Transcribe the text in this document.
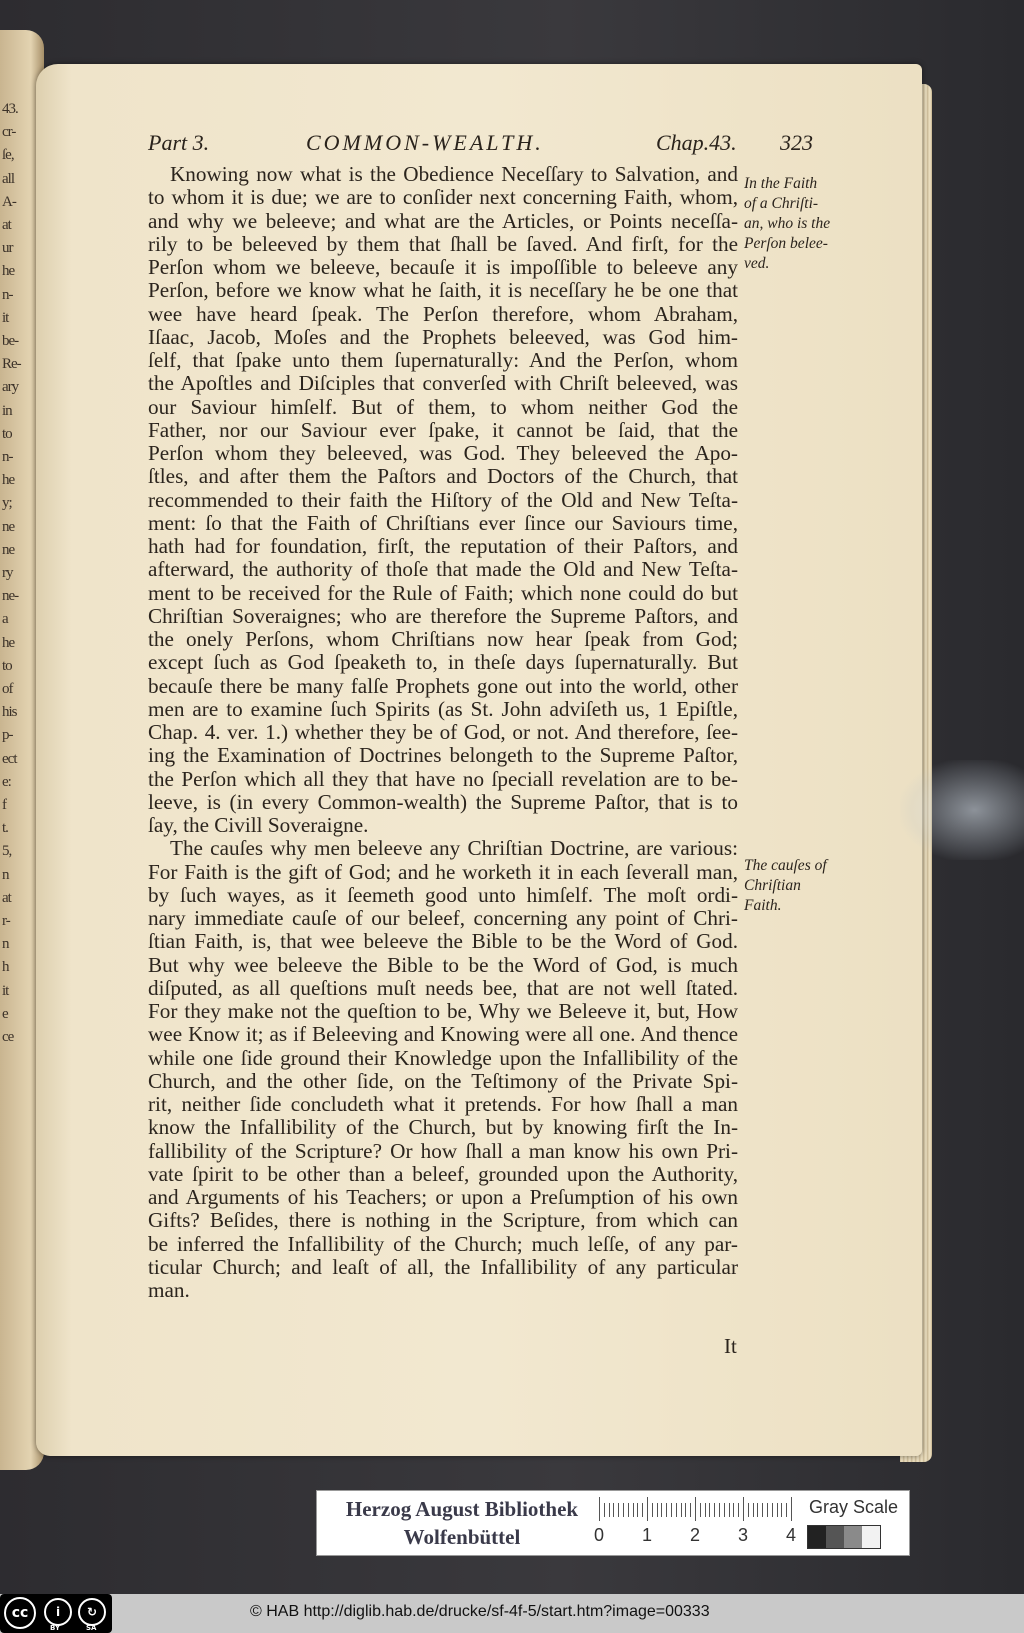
43.
cr-
ſe,
all
A-
at
ur
he
n-
it
be-
Re-
ary
in
to
n-
he
y;
ne
ne
ry
ne-
a
he
to
of
his
p-
ect
e:
f
t.
5,
n
at
r-
n
h
it
e
ce
Part 3.	COMMON-WEALTH.	Chap.43. 323
Knowing now what is the Obedience Neceſſary to Salvation, and
to whom it is due; we are to conſider next concerning Faith, whom,
and why we beleeve; and what are the Articles, or Points neceſſa-
rily to be beleeved by them that ſhall be ſaved. And firſt, for the
Perſon whom we beleeve, becauſe it is impoſſible to beleeve any
Perſon, before we know what he ſaith, it is neceſſary he be one that
wee have heard ſpeak. The Perſon therefore, whom Abraham,
Iſaac, Jacob, Moſes and the Prophets beleeved, was God him-
ſelf, that ſpake unto them ſupernaturally: And the Perſon, whom
the Apoſtles and Diſciples that converſed with Chriſt beleeved, was
our Saviour himſelf. But of them, to whom neither God the
Father, nor our Saviour ever ſpake, it cannot be ſaid, that the
Perſon whom they beleeved, was God. They beleeved the Apo-
ſtles, and after them the Paſtors and Doctors of the Church, that
recommended to their faith the Hiſtory of the Old and New Teſta-
ment: ſo that the Faith of Chriſtians ever ſince our Saviours time,
hath had for foundation, firſt, the reputation of their Paſtors, and
afterward, the authority of thoſe that made the Old and New Teſta-
ment to be received for the Rule of Faith; which none could do but
Chriſtian Soveraignes; who are therefore the Supreme Paſtors, and
the onely Perſons, whom Chriſtians now hear ſpeak from God;
except ſuch as God ſpeaketh to, in theſe days ſupernaturally. But
becauſe there be many falſe Prophets gone out into the world, other
men are to examine ſuch Spirits (as St. John adviſeth us, 1 Epiſtle,
Chap. 4. ver. 1.) whether they be of God, or not. And therefore, ſee-
ing the Examination of Doctrines belongeth to the Supreme Paſtor,
the Perſon which all they that have no ſpeciall revelation are to be-
leeve, is (in every Common-wealth) the Supreme Paſtor, that is to
ſay, the Civill Soveraigne.
The cauſes why men beleeve any Chriſtian Doctrine, are various:
For Faith is the gift of God; and he worketh it in each ſeverall man,
by ſuch wayes, as it ſeemeth good unto himſelf. The moſt ordi-
nary immediate cauſe of our beleef, concerning any point of Chri-
ſtian Faith, is, that wee beleeve the Bible to be the Word of God.
But why wee beleeve the Bible to be the Word of God, is much
diſputed, as all queſtions muſt needs bee, that are not well ſtated.
For they make not the queſtion to be, Why we Beleeve it, but, How
wee Know it; as if Beleeving and Knowing were all one. And thence
while one ſide ground their Knowledge upon the Infallibility of the
Church, and the other ſide, on the Teſtimony of the Private Spi-
rit, neither ſide concludeth what it pretends. For how ſhall a man
know the Infallibility of the Church, but by knowing firſt the In-
fallibility of the Scripture? Or how ſhall a man know his own Pri-
vate ſpirit to be other than a beleef, grounded upon the Authority,
and Arguments of his Teachers; or upon a Preſumption of his own
Gifts? Beſides, there is nothing in the Scripture, from which can
be inferred the Infallibility of the Church; much leſſe, of any par-
ticular Church; and leaſt of all, the Infallibility of any particular
man.
In the Faith
of a Chriſti-
an, who is the
Perſon belee-
ved.
The cauſes of
Chriſtian
Faith.
It
Herzog August Bibliothek
Wolfenbüttel	0 1 2 3 4
Gray Scale
cc	i	↻
BY	SA
© HAB http://diglib.hab.de/drucke/sf-4f-5/start.htm?image=00333
